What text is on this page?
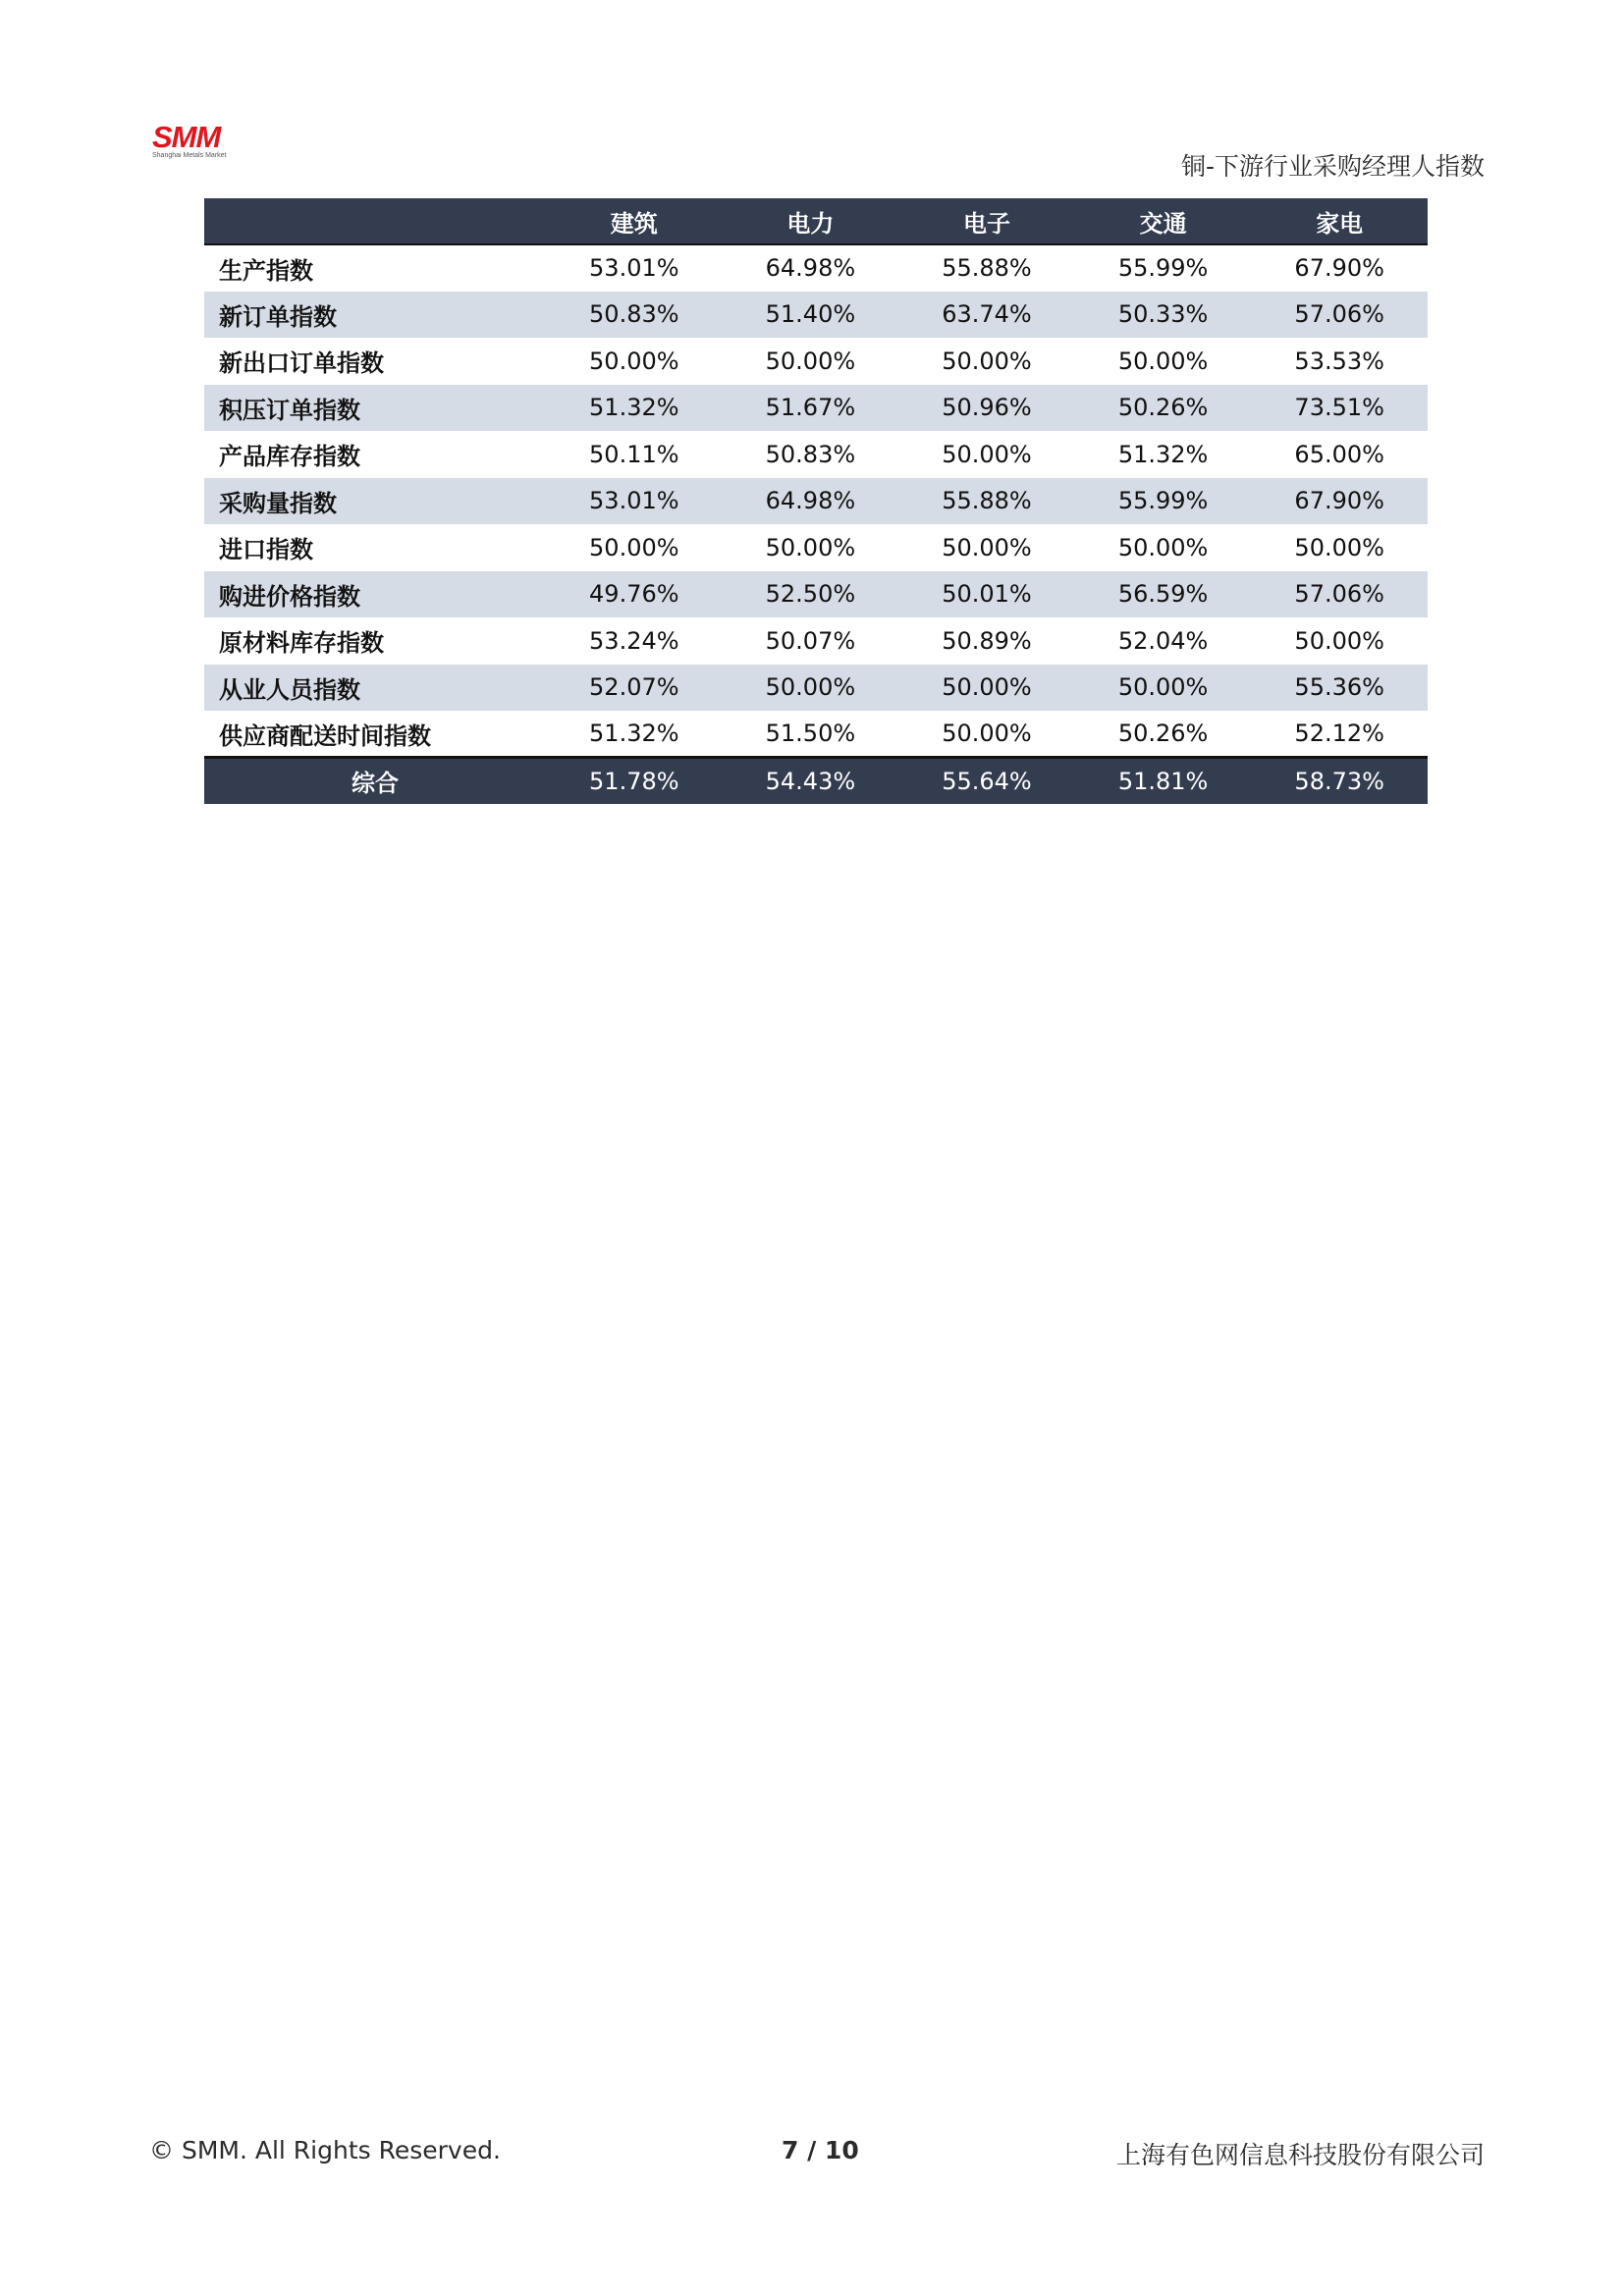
SMM
Shanghai Metals Market	铜-下游行业采购经理人指数
	建筑	电力	电子	交通	家电
生产指数	53.01%	64.98%	55.88%	55.99%	67.90%
新订单指数	50.83%	51.40%	63.74%	50.33%	57.06%
新出口订单指数	50.00%	50.00%	50.00%	50.00%	53.53%
积压订单指数	51.32%	51.67%	50.96%	50.26%	73.51%
产品库存指数	50.11%	50.83%	50.00%	51.32%	65.00%
采购量指数	53.01%	64.98%	55.88%	55.99%	67.90%
进口指数	50.00%	50.00%	50.00%	50.00%	50.00%
购进价格指数	49.76%	52.50%	50.01%	56.59%	57.06%
原材料库存指数	53.24%	50.07%	50.89%	52.04%	50.00%
从业人员指数	52.07%	50.00%	50.00%	50.00%	55.36%
供应商配送时间指数	51.32%	51.50%	50.00%	50.26%	52.12%
综合	51.78%	54.43%	55.64%	51.81%	58.73%
© SMM. All Rights Reserved.	7 / 10	上海有色网信息科技股份有限公司
